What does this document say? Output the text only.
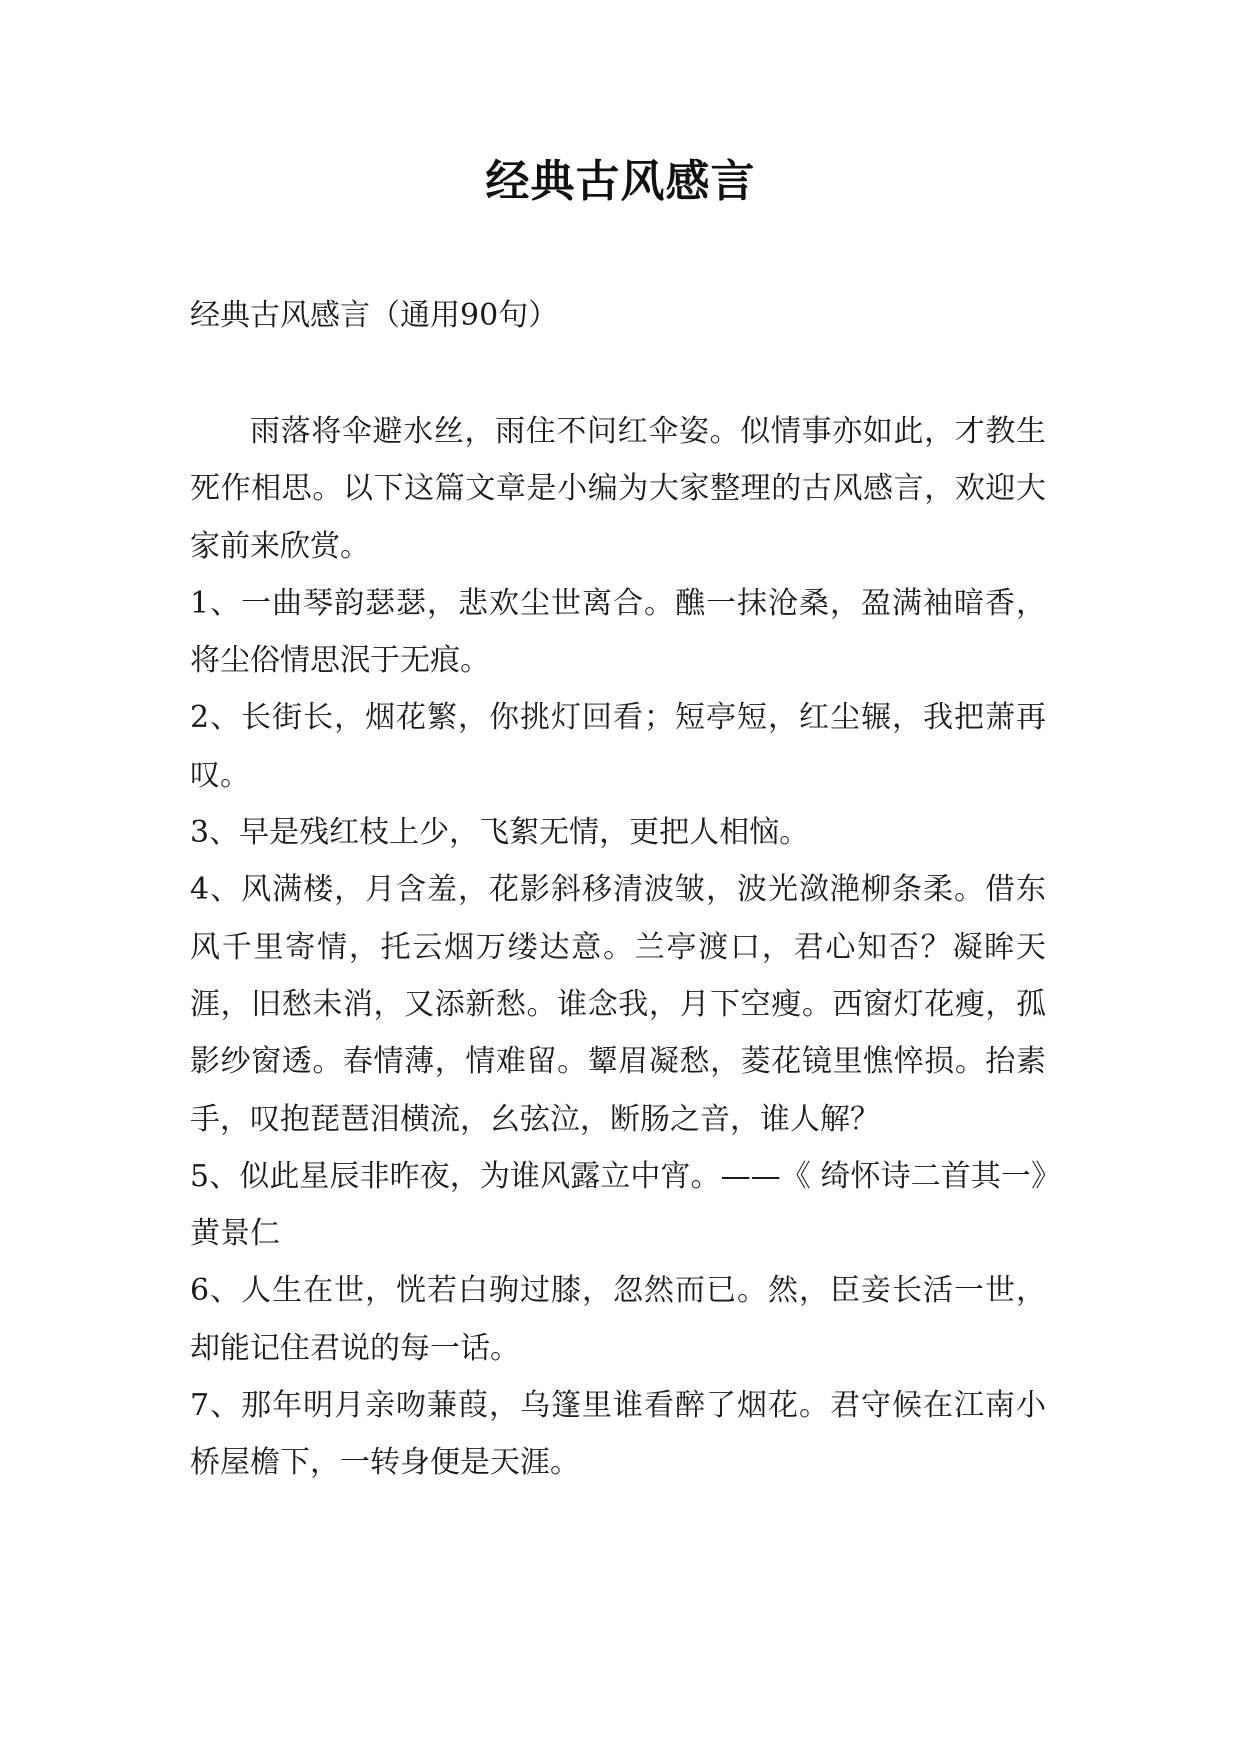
经典古风感言
经典古风感言（通用90句）

雨落将伞避水丝，雨住不问红伞姿。似情事亦如此，才教生死作相思。以下这篇文章是小编为大家整理的古风感言，欢迎大家前来欣赏。

1、一曲琴韵瑟瑟，悲欢尘世离合。醮一抹沧桑，盈满袖暗香，将尘俗情思泯于无痕。

2、长街长，烟花繁，你挑灯回看；短亭短，红尘辗，我把萧再叹。

3、早是残红枝上少，飞絮无情，更把人相恼。

4、风满楼，月含羞，花影斜移清波皱，波光潋滟柳条柔。借东风千里寄情，托云烟万缕达意。兰亭渡口，君心知否？凝眸天涯，旧愁未消，又添新愁。谁念我，月下空瘦。西窗灯花瘦，孤影纱窗透。春情薄，情难留。颦眉凝愁，菱花镜里憔悴损。抬素手，叹抱琵琶泪横流，幺弦泣，断肠之音，谁人解？

5、似此星辰非昨夜，为谁风露立中宵。——《 绮怀诗二首其一》黄景仁

6、人生在世，恍若白驹过膝，忽然而已。然，臣妾长活一世，却能记住君说的每一话。

7、那年明月亲吻蒹葭，乌篷里谁看醉了烟花。君守候在江南小桥屋檐下，一转身便是天涯。
